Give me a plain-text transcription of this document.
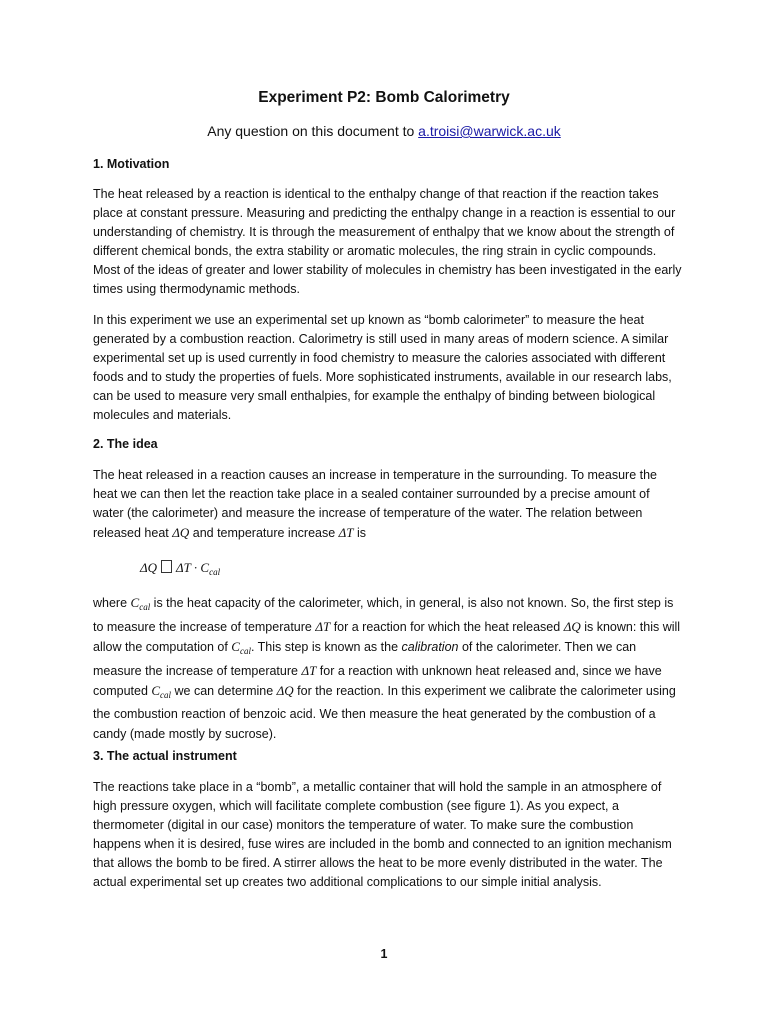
Experiment P2: Bomb Calorimetry
Any question on this document to a.troisi@warwick.ac.uk

1. Motivation

The heat released by a reaction is identical to the enthalpy change of that reaction if the reaction takes place at constant pressure. Measuring and predicting the enthalpy change in a reaction is essential to our understanding of chemistry. It is through the measurement of enthalpy that we know about the strength of different chemical bonds, the extra stability or aromatic molecules, the ring strain in cyclic compounds. Most of the ideas of greater and lower stability of molecules in chemistry has been investigated in the early times using thermodynamic methods.

In this experiment we use an experimental set up known as “bomb calorimeter” to measure the heat generated by a combustion reaction. Calorimetry is still used in many areas of modern science. A similar experimental set up is used currently in food chemistry to measure the calories associated with different foods and to study the properties of fuels. More sophisticated instruments, available in our research labs, can be used to measure very small enthalpies, for example the enthalpy of binding between biological molecules and materials.

2. The idea

The heat released in a reaction causes an increase in temperature in the surrounding. To measure the heat we can then let the reaction take place in a sealed container surrounded by a precise amount of water (the calorimeter) and measure the increase of temperature of the water. The relation between released heat ΔQ and temperature increase ΔT is

ΔQ $\Delta T \cdot C_{cal}$

where $C_{cal}$ is the heat capacity of the calorimeter, which, in general, is also not known. So, the first step is to measure the increase of temperature ΔT for a reaction for which the heat released ΔQ is known: this will allow the computation of $C_{cal}$. This step is known as the calibration of the calorimeter. Then we can measure the increase of temperature ΔT for a reaction with unknown heat released and, since we have computed $C_{cal}$ we can determine ΔQ for the reaction. In this experiment we calibrate the calorimeter using the combustion reaction of benzoic acid. We then measure the heat generated by the combustion of a candy (made mostly by sucrose).

3. The actual instrument

The reactions take place in a “bomb”, a metallic container that will hold the sample in an atmosphere of high pressure oxygen, which will facilitate complete combustion (see figure 1). As you expect, a thermometer (digital in our case) monitors the temperature of water. To make sure the combustion happens when it is desired, fuse wires are included in the bomb and connected to an ignition mechanism that allows the bomb to be fired. A stirrer allows the heat to be more evenly distributed in the water. The actual experimental set up creates two additional complications to our simple initial analysis.

1
